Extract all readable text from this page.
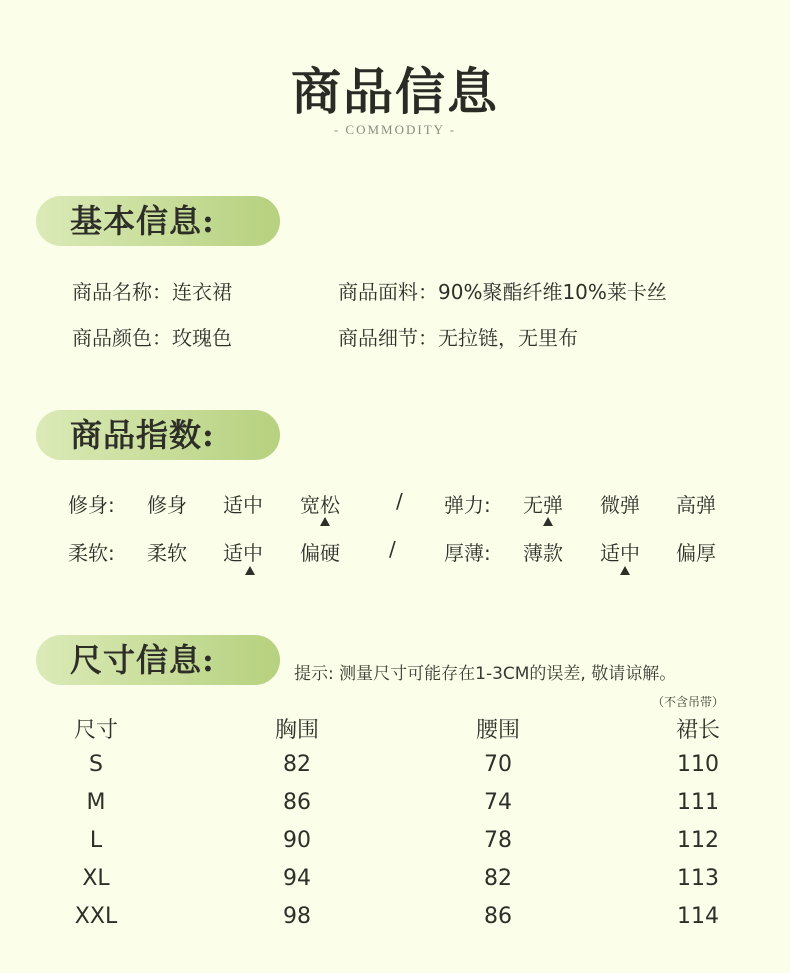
商品信息
- COMMODITY -
基本信息:
商品名称：连衣裙	商品面料：90%聚酯纤维10%莱卡丝
商品颜色：玫瑰色	商品细节：无拉链，无里布
商品指数:
修身: 修身 适中 宽松	/ 弹力: 无弹 微弹 高弹
柔软: 柔软 适中 偏硬 / 厚薄: 薄款 适中 偏厚
尺寸信息:	提示: 测量尺寸可能存在1-3CM的误差, 敬请谅解。
（不含吊带）
尺寸	胸围	腰围	裙长
S	82	70	110
M	86	74	111
L	90	78	112
XL	94	82	113
XXL	98	86	114
